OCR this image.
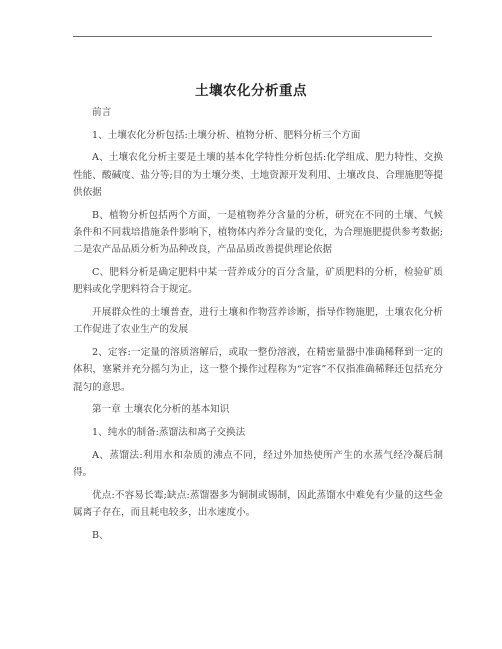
土壤农化分析重点

前言

1、土壤农化分析包括:土壤分析、植物分析、肥料分析三个方面

A、土壤农化分析主要是土壤的基本化学特性分析包括:化学组成、肥力特性、交换性能、酸碱度、盐分等;目的为土壤分类、土地资源开发利用、土壤改良、合理施肥等提供依据

B、植物分析包括两个方面，一是植物养分含量的分析，研究在不同的土壤、气候条件和不同栽培措施条件影响下，植物体内养分含量的变化，为合理施肥提供参考数据;二是农产品品质分析为品种改良，产品品质改善提供理论依据

C、肥料分析是确定肥料中某一营养成分的百分含量，矿质肥料的分析，检验矿质肥料或化学肥料符合于规定。

开展群众性的土壤普查，进行土壤和作物营养诊断，指导作物施肥，土壤农化分析工作促进了农业生产的发展

2、定容:一定量的溶质溶解后，或取一整份溶液，在精密量器中准确稀释到一定的体积，塞紧并充分摇匀为止，这一整个操作过程称为“定容”不仅指准确稀释还包括充分混匀的意思。

第一章 土壤农化分析的基本知识

1、纯水的制备:蒸馏法和离子交换法

A、蒸馏法:利用水和杂质的沸点不同，经过外加热使所产生的水蒸气经冷凝后制得。

优点:不容易长霉;缺点:蒸馏器多为铜制或锡制，因此蒸馏水中难免有少量的这些金属离子存在，而且耗电较多，出水速度小。

B、
